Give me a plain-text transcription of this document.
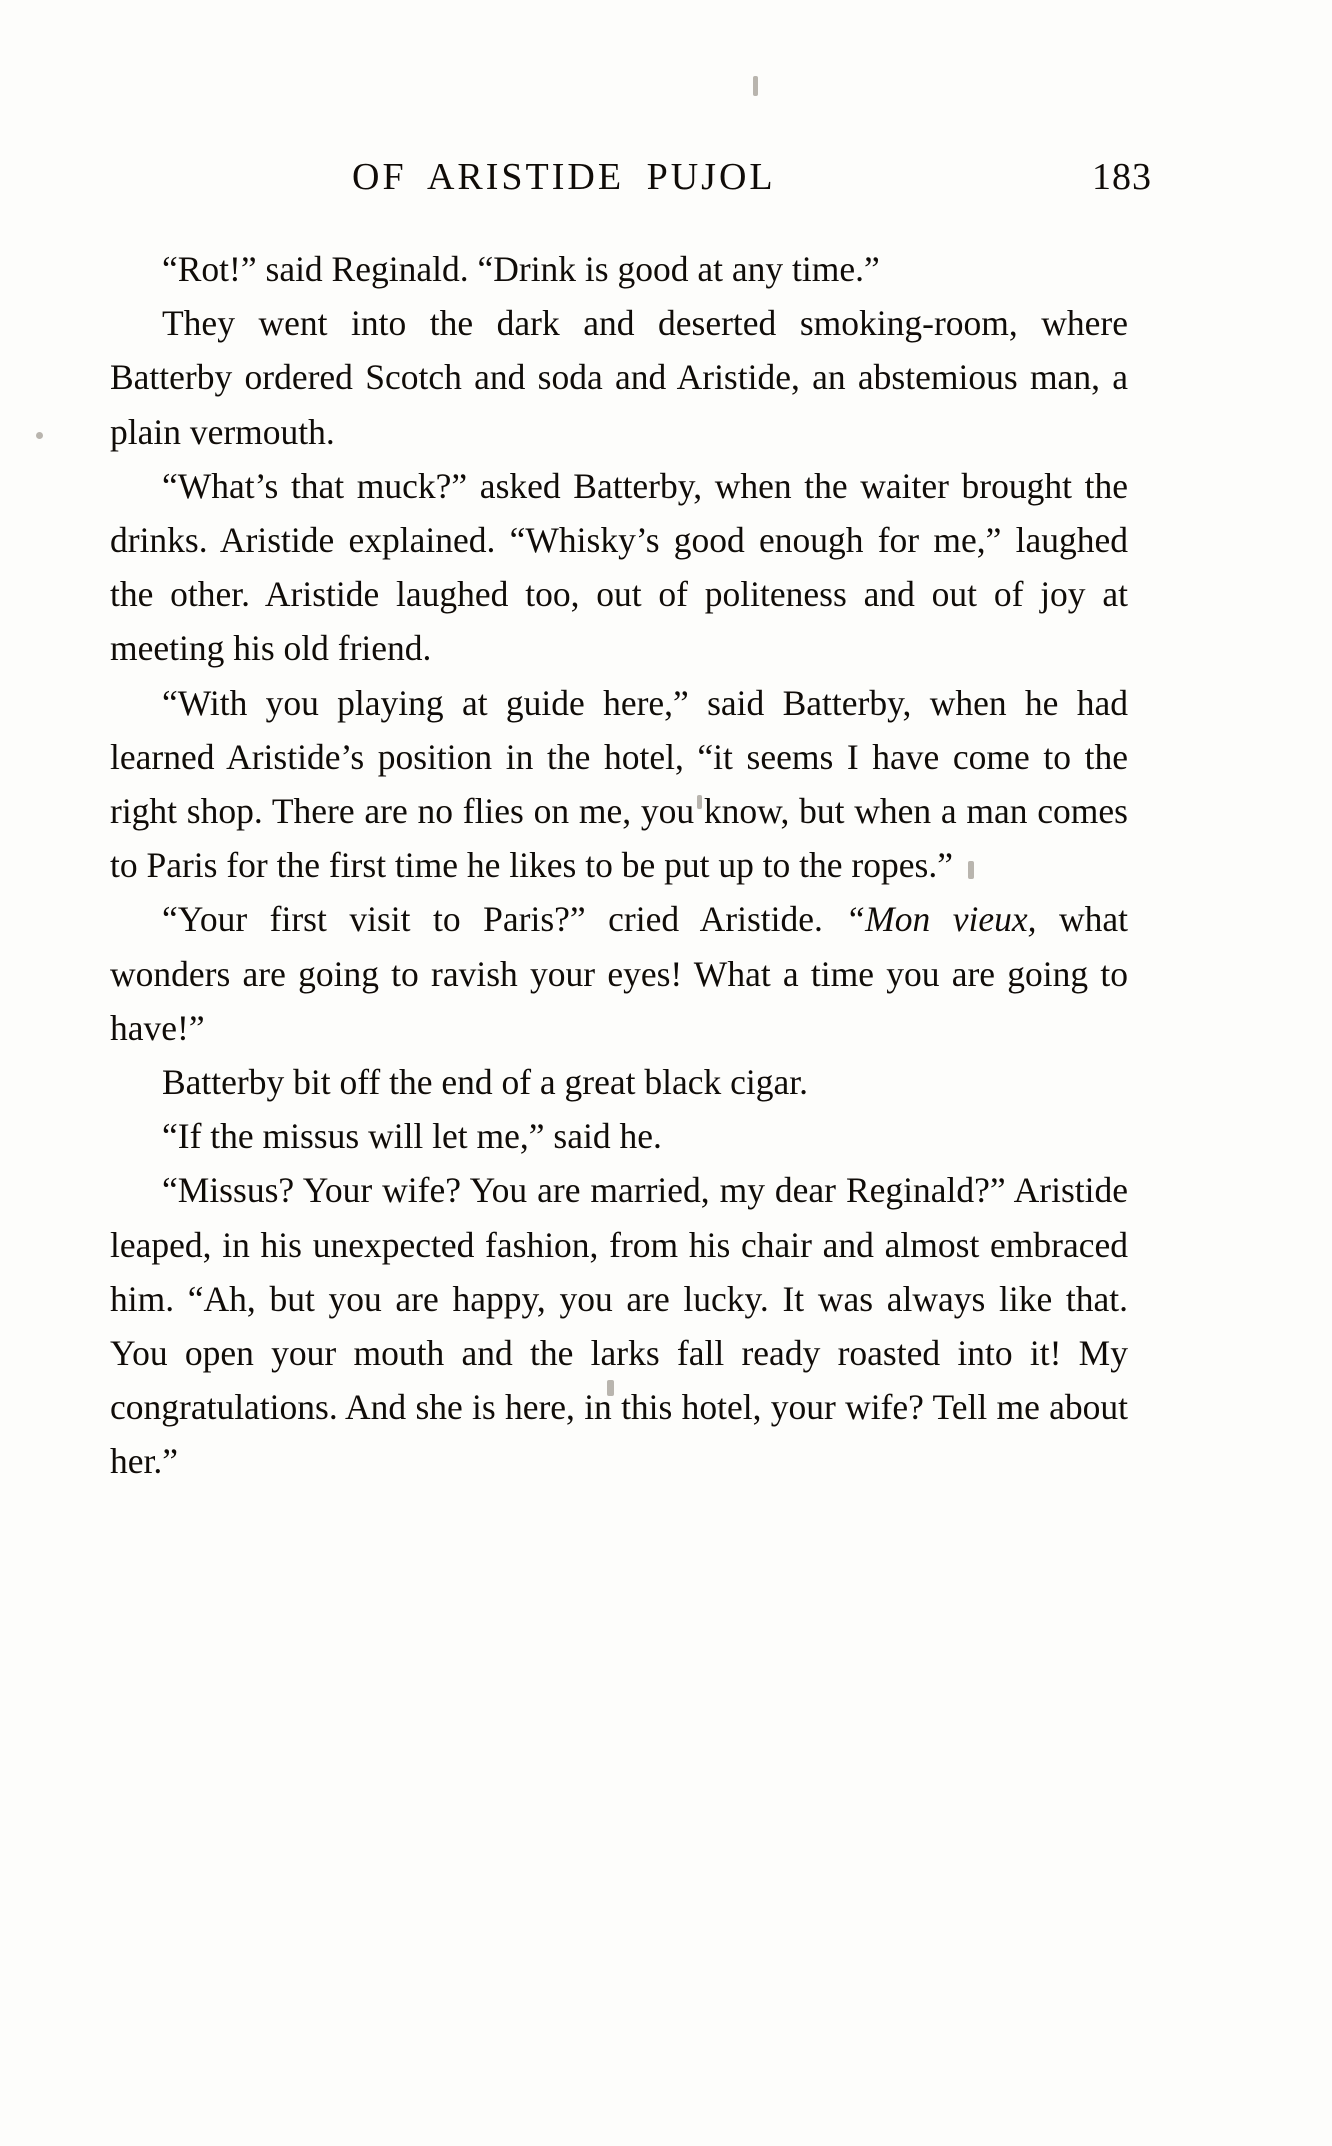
OF ARISTIDE PUJOL	183

“Rot!” said Reginald. “Drink is good at any time.”

They went into the dark and deserted smoking-room, where Batterby ordered Scotch and soda and Aristide, an abstemious man, a plain vermouth.

“What’s that muck?” asked Batterby, when the waiter brought the drinks. Aristide explained. “Whisky’s good enough for me,” laughed the other. Aristide laughed too, out of politeness and out of joy at meeting his old friend.

“With you playing at guide here,” said Batterby, when he had learned Aristide’s position in the hotel, “it seems I have come to the right shop. There are no flies on me, you know, but when a man comes to Paris for the first time he likes to be put up to the ropes.”

“Your first visit to Paris?” cried Aristide. “Mon vieux, what wonders are going to ravish your eyes! What a time you are going to have!”

Batterby bit off the end of a great black cigar.

“If the missus will let me,” said he.

“Missus? Your wife? You are married, my dear Reginald?” Aristide leaped, in his unexpected fashion, from his chair and almost embraced him. “Ah, but you are happy, you are lucky. It was always like that. You open your mouth and the larks fall ready roasted into it! My congratulations. And she is here, in this hotel, your wife? Tell me about her.”
